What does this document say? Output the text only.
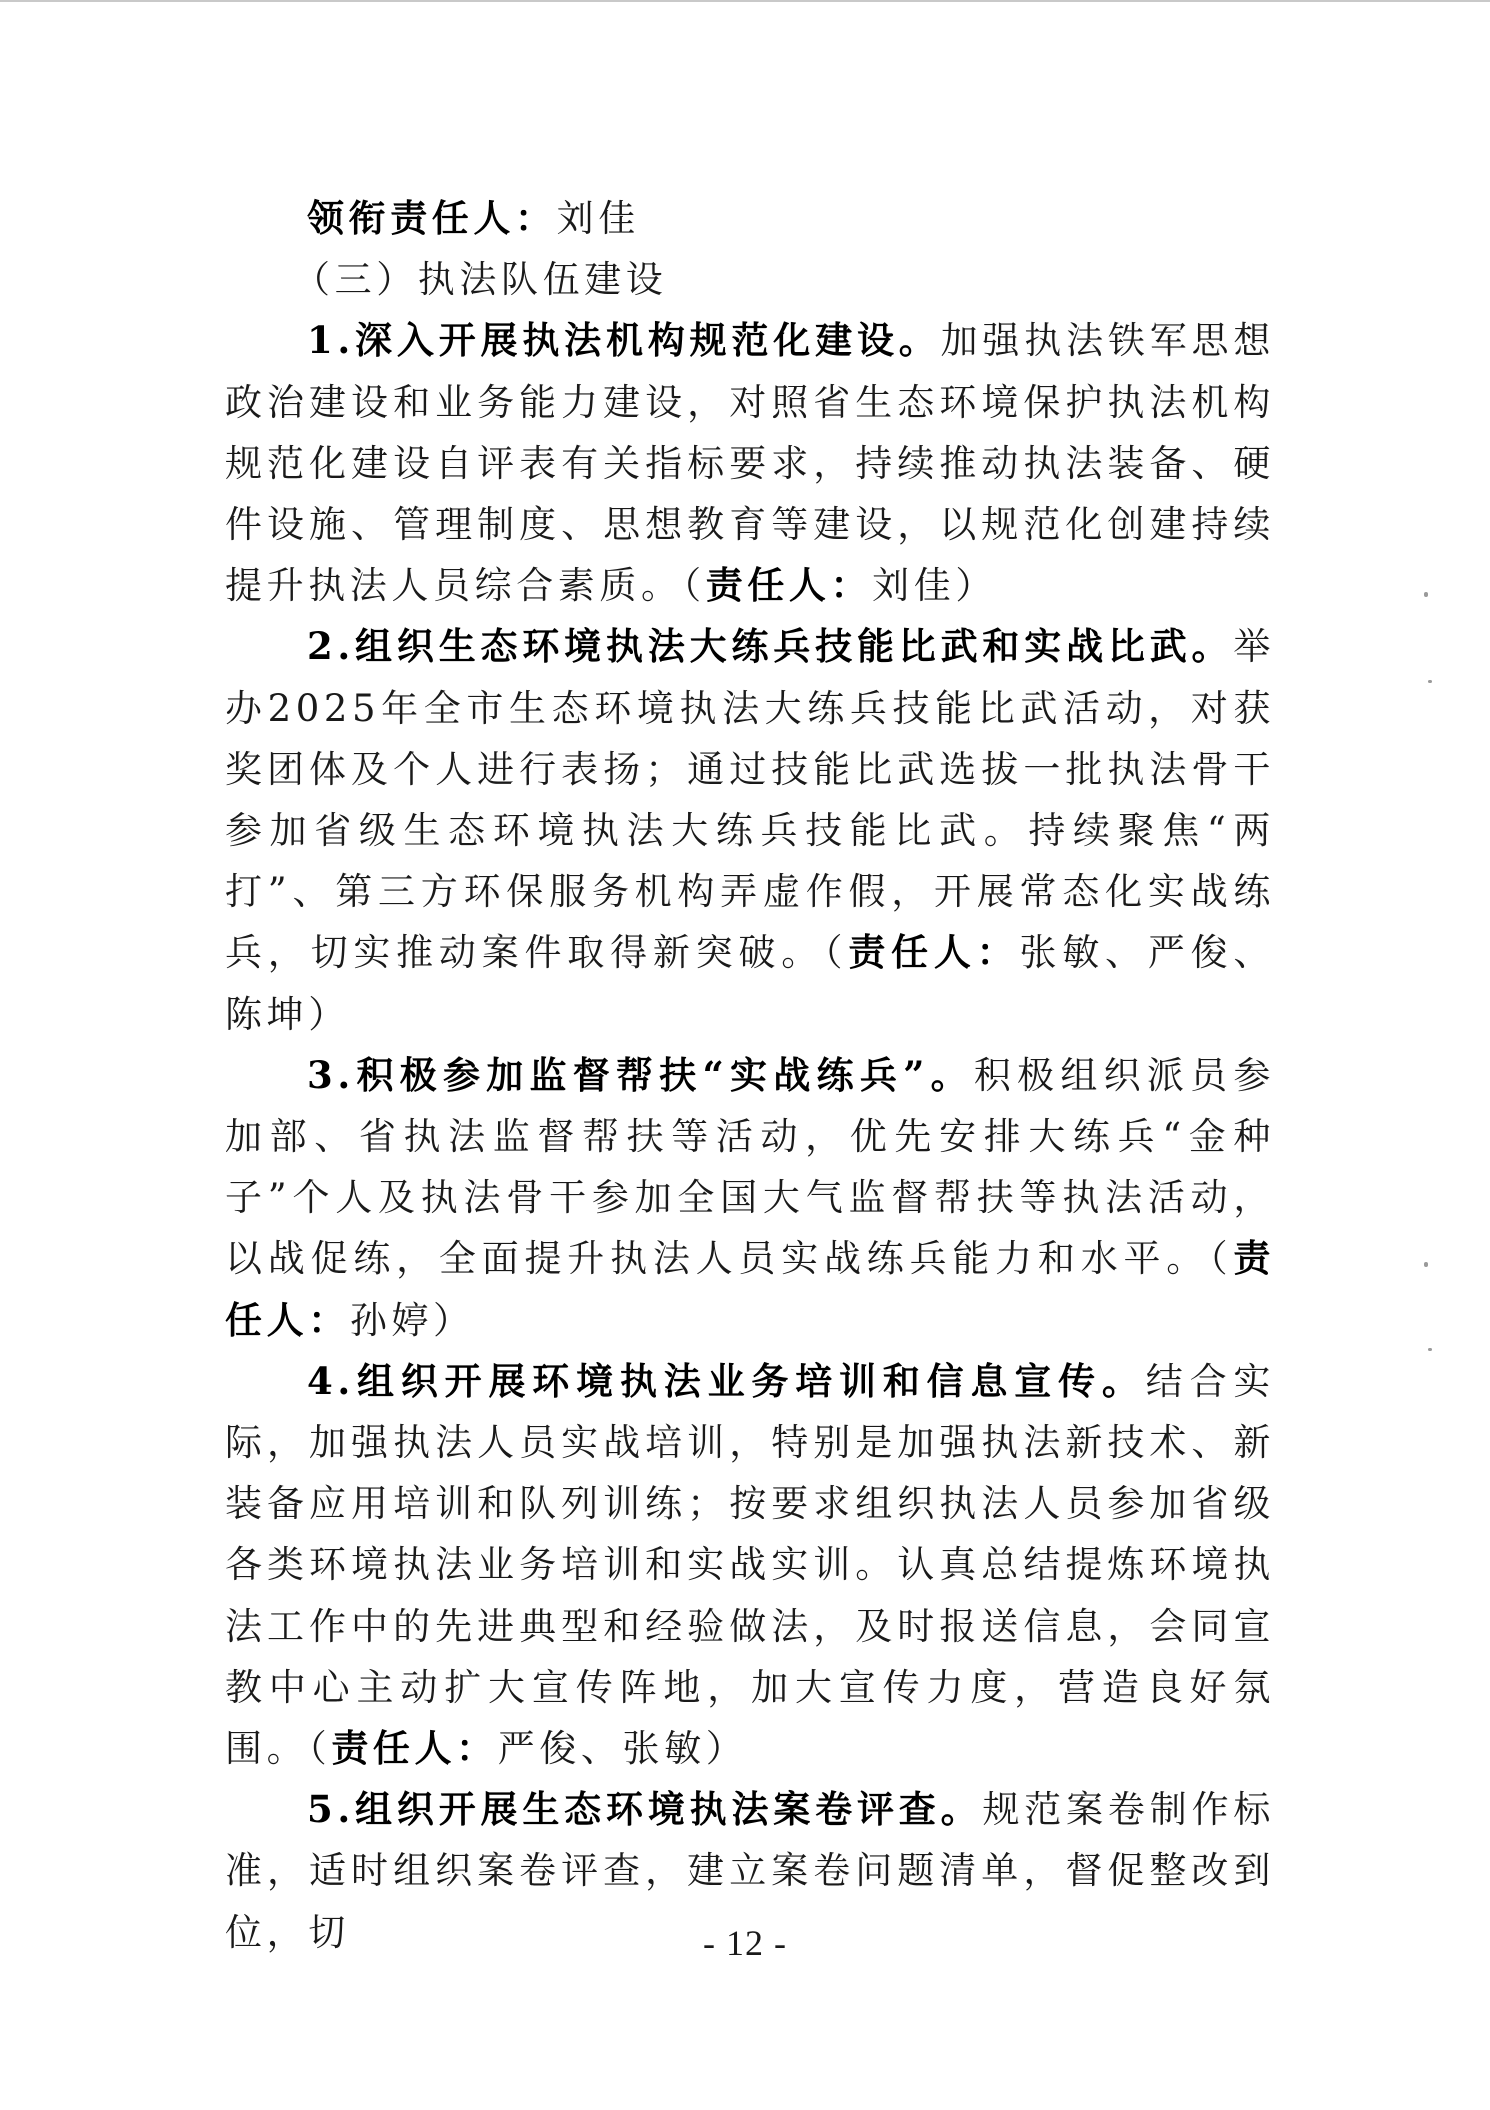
领衔责任人：刘佳

（三）执法队伍建设

1.深入开展执法机构规范化建设。加强执法铁军思想政治建设和业务能力建设，对照省生态环境保护执法机构规范化建设自评表有关指标要求，持续推动执法装备、硬件设施、管理制度、思想教育等建设，以规范化创建持续提升执法人员综合素质。（责任人：刘佳）

2.组织生态环境执法大练兵技能比武和实战比武。举办2025年全市生态环境执法大练兵技能比武活动，对获奖团体及个人进行表扬；通过技能比武选拔一批执法骨干参加省级生态环境执法大练兵技能比武。持续聚焦“两打”、第三方环保服务机构弄虚作假，开展常态化实战练兵，切实推动案件取得新突破。（责任人：张敏、严俊、陈坤）

3.积极参加监督帮扶“实战练兵”。积极组织派员参加部、省执法监督帮扶等活动，优先安排大练兵“金种子”个人及执法骨干参加全国大气监督帮扶等执法活动，以战促练，全面提升执法人员实战练兵能力和水平。（责任人：孙婷）

4.组织开展环境执法业务培训和信息宣传。结合实际，加强执法人员实战培训，特别是加强执法新技术、新装备应用培训和队列训练；按要求组织执法人员参加省级各类环境执法业务培训和实战实训。认真总结提炼环境执法工作中的先进典型和经验做法，及时报送信息，会同宣教中心主动扩大宣传阵地，加大宣传力度，营造良好氛围。（责任人：严俊、张敏）

5.组织开展生态环境执法案卷评查。规范案卷制作标准，适时组织案卷评查，建立案卷问题清单，督促整改到位，切	- 12 -
